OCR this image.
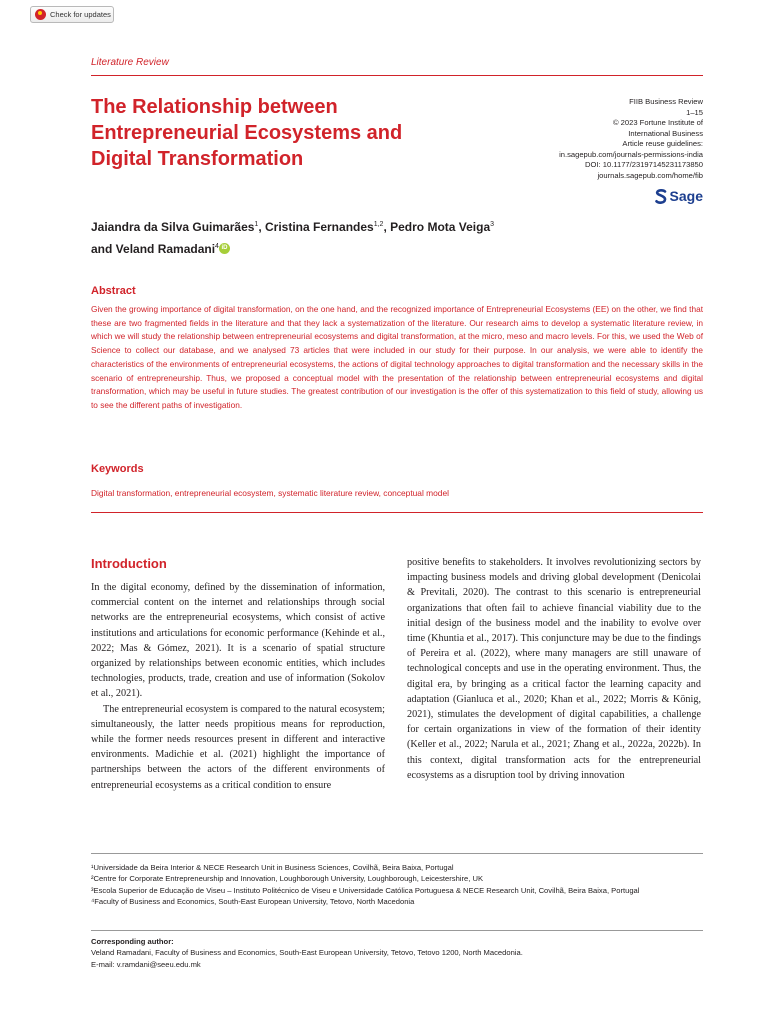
Check for updates
Literature Review
The Relationship between Entrepreneurial Ecosystems and Digital Transformation
FIIB Business Review
1–15
© 2023 Fortune Institute of
International Business
Article reuse guidelines:
in.sagepub.com/journals-permissions-india
DOI: 10.1177/23197145231173850
journals.sagepub.com/home/fib
Sage
Jaiandra da Silva Guimarães$^1$, Cristina Fernandes$^{1,2}$, Pedro Mota Veiga$^3$
and Veland Ramadani$^4$ iD
Abstract

Given the growing importance of digital transformation, on the one hand, and the recognized importance of Entrepreneurial Ecosystems (EE) on the other, we find that these are two fragmented fields in the literature and that they lack a systematization of the literature. Our research aims to develop a systematic literature review, in which we will study the relationship between entrepreneurial ecosystems and digital transformation, at the micro, meso and macro levels. For this, we used the Web of Science to collect our database, and we analysed 73 articles that were included in our study for their purpose. In our analysis, we were able to identify the characteristics of the environments of entrepreneurial ecosystems, the actions of digital technology approaches to digital transformation and the necessary skills in the scenario of entrepreneurship. Thus, we proposed a conceptual model with the presentation of the relationship between entrepreneurial ecosystems and digital transformation, which may be useful in future studies. The greatest contribution of our investigation is the offer of this systematization to this field of study, allowing us to see the different paths of investigation.

Keywords
Digital transformation, entrepreneurial ecosystem, systematic literature review, conceptual model
Introduction

In the digital economy, defined by the dissemination of information, commercial content on the internet and relationships through social networks are the entrepreneurial ecosystems, which consist of active institutions and articulations for economic performance (Kehinde et al., 2022; Mas & Gómez, 2021). It is a scenario of spatial structure organized by relationships between economic entities, which includes technologies, products, trade, creation and use of information (Sokolov et al., 2021).

The entrepreneurial ecosystem is compared to the natural ecosystem; simultaneously, the latter needs propitious means for reproduction, while the former needs resources present in different and interactive environments. Madichie et al. (2021) highlight the importance of partnerships between the actors of the different environments of entrepreneurial ecosystems as a critical condition to ensure

positive benefits to stakeholders. It involves revolutionizing sectors by impacting business models and driving global development (Denicolai & Previtali, 2020). The contrast to this scenario is entrepreneurial organizations that often fail to achieve financial viability due to the initial design of the business model and the inability to evolve over time (Khuntia et al., 2017). This conjuncture may be due to the findings of Pereira et al. (2022), where many managers are still unaware of technological concepts and use in the operating environment. Thus, the digital era, by bringing as a critical factor the learning capacity and adaptation (Gianluca et al., 2020; Khan et al., 2022; Morris & König, 2021), stimulates the development of digital capabilities, a challenge for certain organizations in view of the formation of their identity (Keller et al., 2022; Narula et al., 2021; Zhang et al., 2022a, 2022b). In this context, digital transformation acts for the entrepreneurial ecosystems as a disruption tool by driving innovation

¹Universidade da Beira Interior & NECE Research Unit in Business Sciences, Covilhã, Beira Baixa, Portugal
²Centre for Corporate Entrepreneurship and Innovation, Loughborough University, Loughborough, Leicestershire, UK
³Escola Superior de Educação de Viseu – Instituto Politécnico de Viseu e Universidade Católica Portuguesa & NECE Research Unit, Covilhã, Beira Baixa, Portugal
⁴Faculty of Business and Economics, South-East European University, Tetovo, North Macedonia
Corresponding author:
Veland Ramadani, Faculty of Business and Economics, South-East European University, Tetovo, Tetovo 1200, North Macedonia.
E-mail: v.ramdani@seeu.edu.mk
